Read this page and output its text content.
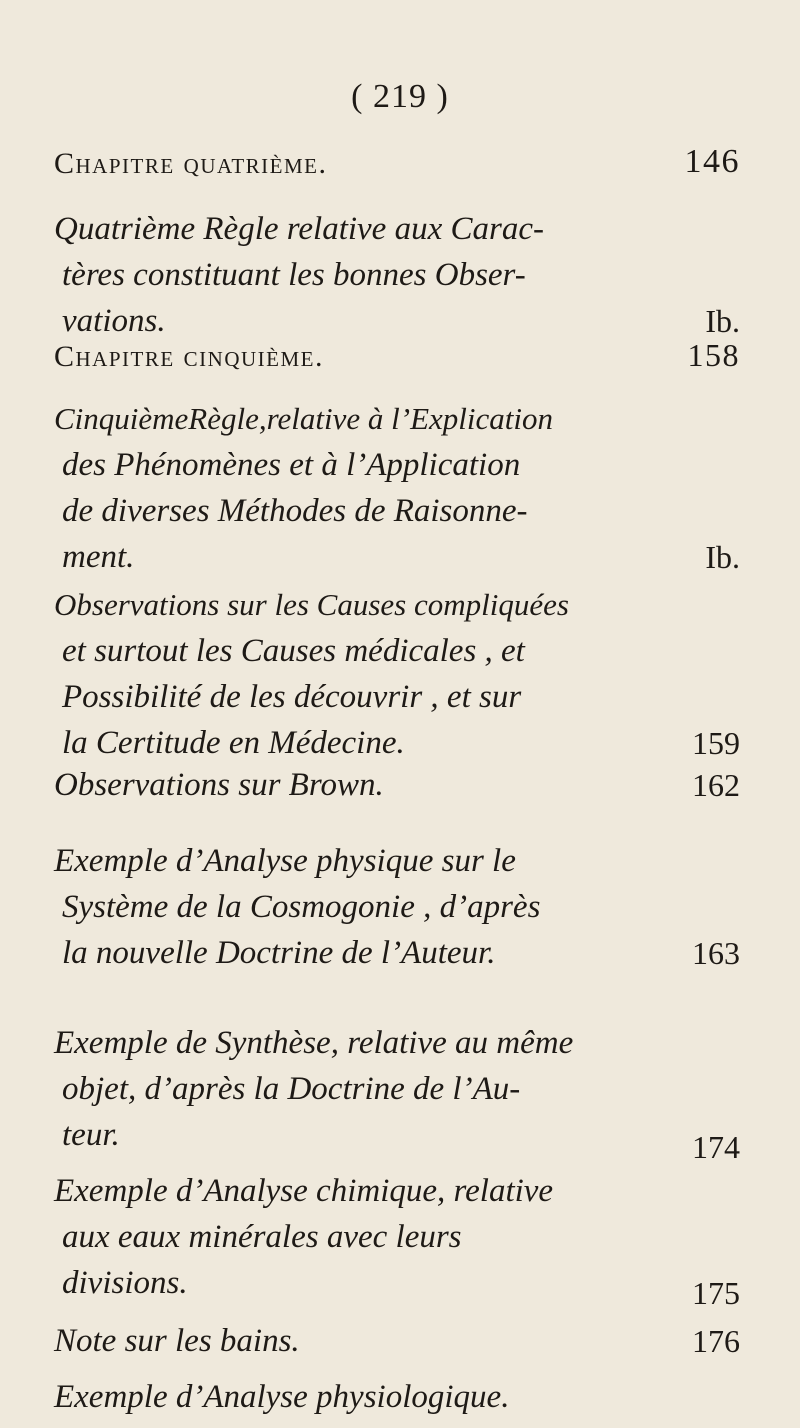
( 219 )
Chapitre quatrième.	146
Quatrième Règle relative aux Carac-
tères constituant les bonnes Obser-
vations.	Ib.
Chapitre cinquième.	158
CinquièmeRègle,relative à l’Explication
des Phénomènes et à l’Application
de diverses Méthodes de Raisonne-
ment.	Ib.
Observations sur les Causes compliquées
et surtout les Causes médicales , et
Possibilité de les découvrir , et sur
la Certitude en Médecine.	159
Observations sur Brown.	162
Exemple d’Analyse physique sur le
Système de la Cosmogonie , d’après
la nouvelle Doctrine de l’Auteur.	163
Exemple de Synthèse, relative au même
objet, d’après la Doctrine de l’Au-
teur.	174
Exemple d’Analyse chimique, relative
aux eaux minérales avec leurs
divisions.	175
Note sur les bains.	176
Exemple d’Analyse physiologique.
